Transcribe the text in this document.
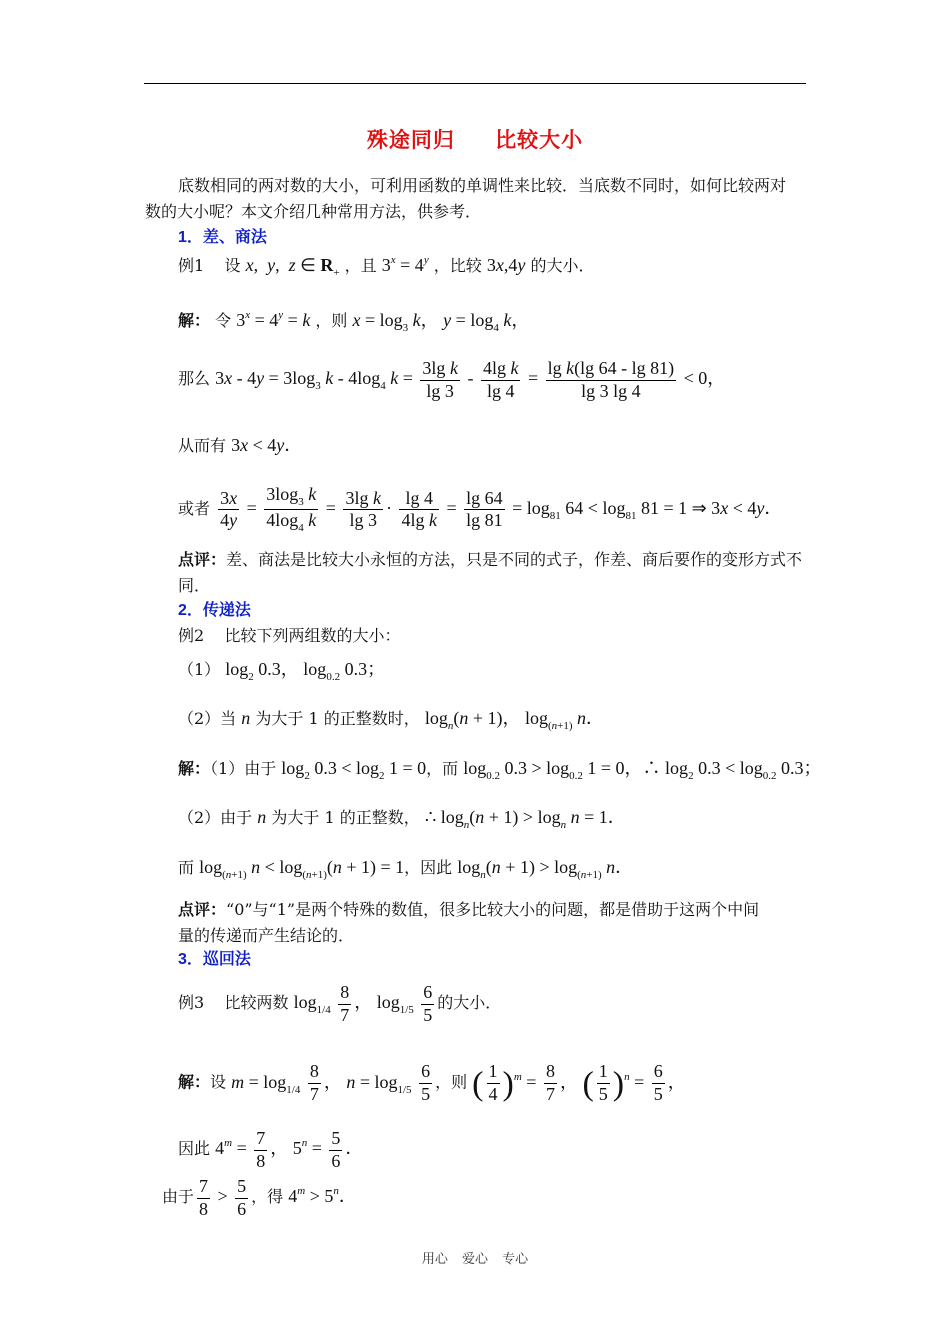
殊途同归 比较大小
底数相同的两对数的大小，可利用函数的单调性来比较．当底数不同时，如何比较两对
数的大小呢？本文介绍几种常用方法，供参考．
1．差、商法
例1 设 x,  y,  z ∈ $R_+$ ，且 $3^x = 4^y$ ，比较 3x,4y 的大小．
解： 令 $3^x = 4^y = k$ ，则 $x = \log_3 k$， $y = \log_4 k$，
那么 $3x - 4y = 3\log_3$ k - $4\log_4$ $k = \frac{\text{3lg k}}{\lg 3} - \frac{\text{4lg k}}{\lg 4} = \frac{\text{lg k(lg 64 - lg 81)}}{\lg 3 \lg 4} < 0$，
从而有 3x < 4y．
或者 $\frac{3x}{4y} = \frac{3\log_3 k}{4\log_4 k} = \frac{\text{3lg k}}{\lg 3} \cdot \frac{\lg 4}{\text{4lg k}} = \frac{\lg 64}{\lg 81} = \log_{81} 64 < \log_{81} 81 = 1$ ⇒ 3x < 4y．
点评：差、商法是比较大小永恒的方法，只是不同的式子，作差、商后要作的变形方式不
同．
2．传递法
例2 比较下列两组数的大小：
（1） $\log_2 0.3$， $\log_{0.2} 0.3$；
（2）当 n 为大于 1 的正整数时， $\log_n(n + 1)$， $\log_{(n+1)} n$．
解：（1）由于 $\log_2 0.3 < \log_2 1 = 0$，而 $\log_{0.2} 0.3 > \log_{0.2} 1 = 0$，∴ $\log_2 0.3 < \log_{0.2} 0.3$；
（2）由于 n 为大于 1 的正整数， ∴ $\log_n(n + 1) > \log_n n = 1$．
而 $\log_{(n+1)} n < \log_{(n+1)}(n + 1) = 1$，因此 $\log_n(n + 1) > \log_{(n+1)} n$．
点评：“0”与“1”是两个特殊的数值，很多比较大小的问题，都是借助于这两个中间
量的传递而产生结论的．
3．巡回法
例3 比较两数 $\log_{1/4} \frac{8}{7}$ ， $\log_{1/5} \frac{6}{5}$ 的大小．
解：设 $m = \log_{1/4} \frac{8}{7}$ ， $n = \log_{1/5} \frac{6}{5}$ ，则 ( $\frac{1}{4} )^m = \frac{8}{7}$ ， ( $\frac{1}{5} )^n = \frac{6}{5}$ ，
因此 $4^m = \frac{7}{8}$ ， $5^n = \frac{5}{6}$ ．
由于 $\frac{7}{8} > \frac{5}{6}$ ，得 $4^m > 5^n$．
用心 爱心 专心
